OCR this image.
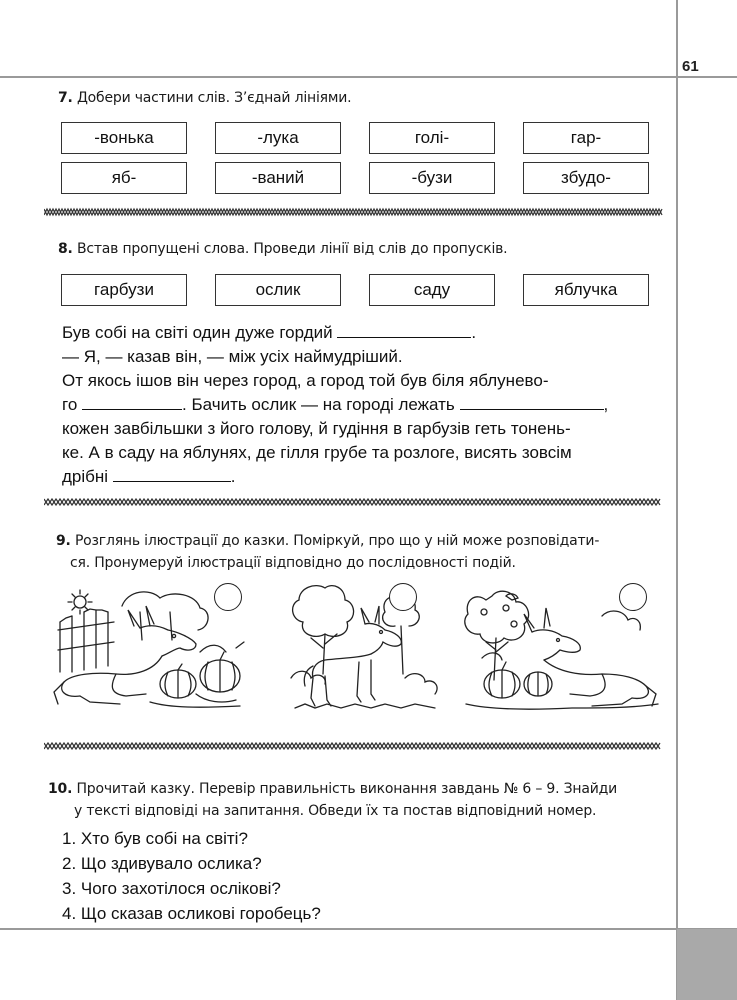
61
7. Добери частини слів. З’єднай лініями.
-вонька	-лука	голі-	гар-
яб-	-ваний	-бузи	збудо-
8. Встав пропущені слова. Проведи лінії від слів до пропусків.
гарбузи	ослик	саду	яблучка
Був собі на світі один дуже гордий	.
— Я, — казав він, — між усіх наймудріший.
От якось ішов він через город, а город той був біля яблунево-
го	. Бачить ослик — на городі лежать	,
кожен завбільшки з його голову, й гудіння в гарбузів геть тонень-
ке. А в саду на яблунях, де гілля грубе та розлоге, висять зовсім
дрібні	.
9. Розглянь ілюстрації до казки. Поміркуй, про що у ній може розповідати-
ся. Пронумеруй ілюстрації відповідно до послідовності подій.
10. Прочитай казку. Перевір правильність виконання завдань № 6 – 9. Знайди
у тексті відповіді на запитання. Обведи їх та постав відповідний номер.
1. Хто був собі на світі?
2. Що здивувало ослика?
3. Чого захотілося ослікові?
4. Що сказав осликові горобець?
